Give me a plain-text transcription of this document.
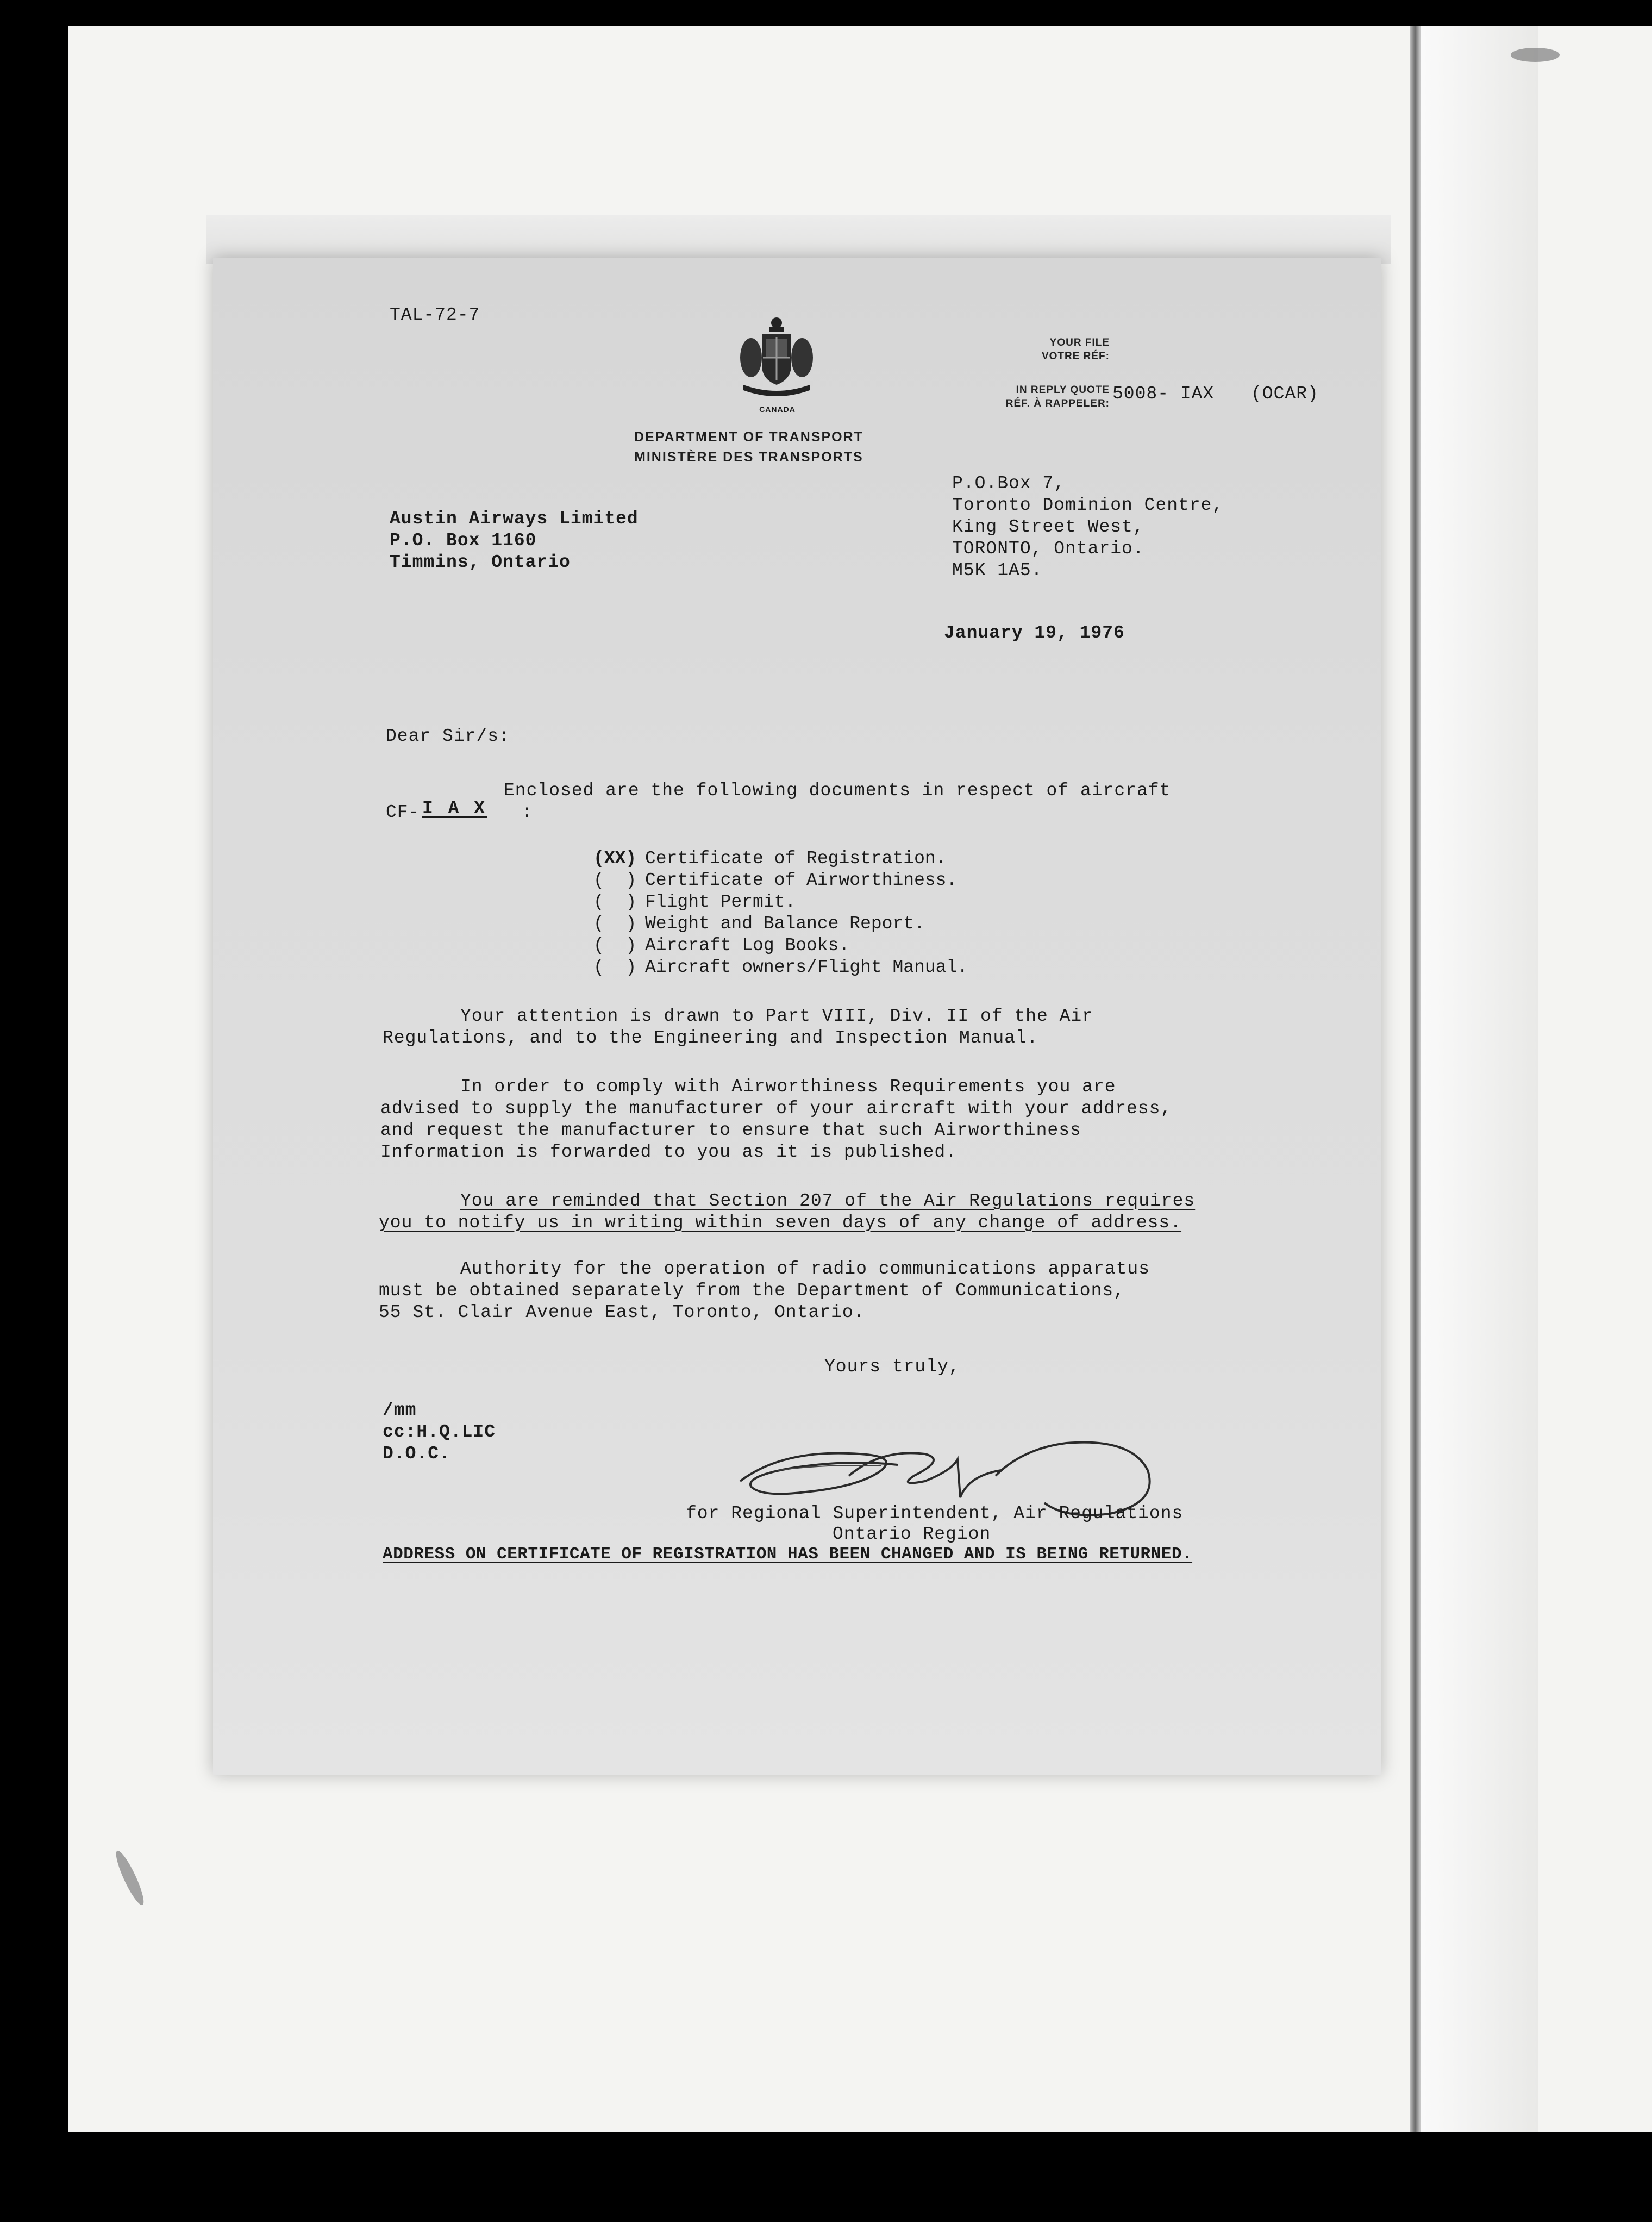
TAL-72-7
CANADA
DEPARTMENT OF TRANSPORT
MINISTÈRE DES TRANSPORTS
YOUR FILE
VOTRE RÉF:
IN REPLY QUOTE
RÉF. À RAPPELER: 5008- IAX (OCAR)
P.O.Box 7,
Toronto Dominion Centre,
King Street West,
TORONTO, Ontario.
M5K 1A5.
Austin Airways Limited
P.O. Box 1160
Timmins, Ontario
January 19, 1976
Dear Sir/s:
Enclosed are the following documents in respect of aircraft
CF- I A X :
(XX) Certificate of Registration.
(  ) Certificate of Airworthiness.
(  ) Flight Permit.
(  ) Weight and Balance Report.
(  ) Aircraft Log Books.
(  ) Aircraft owners/Flight Manual.
Your attention is drawn to Part VIII, Div. II of the Air
Regulations, and to the Engineering and Inspection Manual.
In order to comply with Airworthiness Requirements you are
advised to supply the manufacturer of your aircraft with your address,
and request the manufacturer to ensure that such Airworthiness
Information is forwarded to you as it is published.
You are reminded that Section 207 of the Air Regulations requires
you to notify us in writing within seven days of any change of address.
Authority for the operation of radio communications apparatus
must be obtained separately from the Department of Communications,
55 St. Clair Avenue East, Toronto, Ontario.
Yours truly,
/mm
cc:H.Q.LIC
D.O.C.
for Regional Superintendent, Air Regulations
Ontario Region
ADDRESS ON CERTIFICATE OF REGISTRATION HAS BEEN CHANGED AND IS BEING RETURNED.
